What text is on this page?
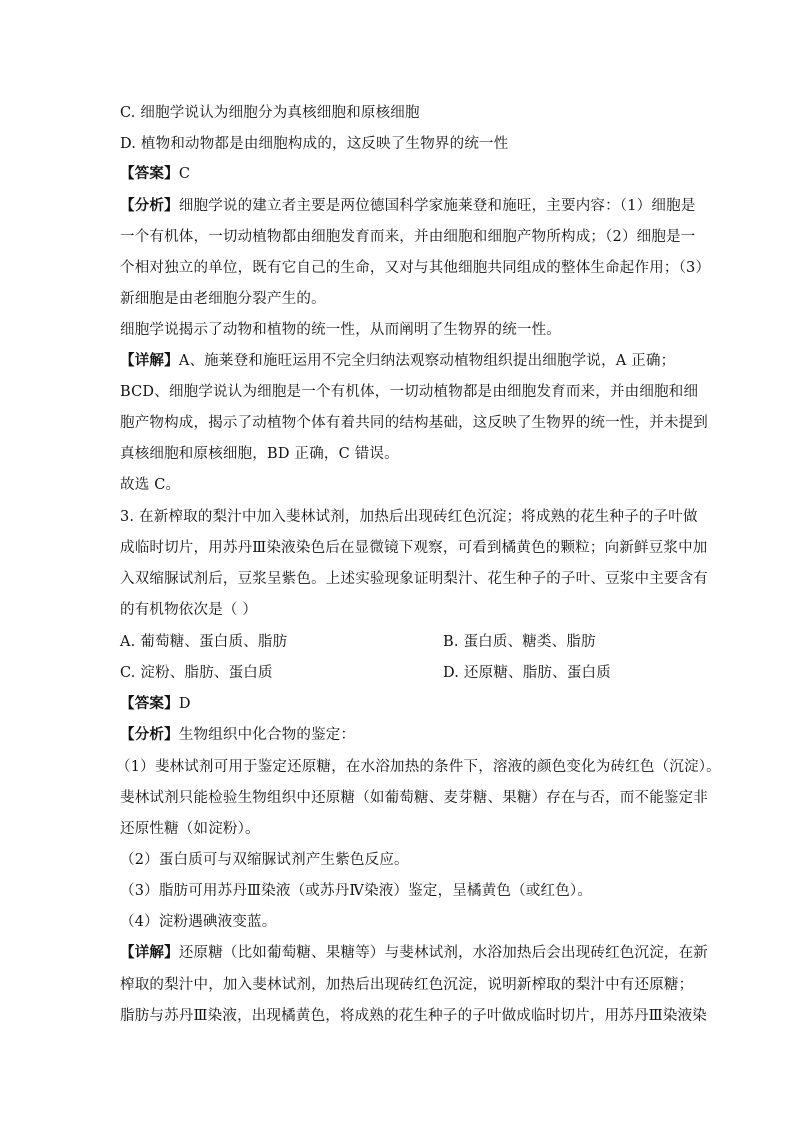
C. 细胞学说认为细胞分为真核细胞和原核细胞
D. 植物和动物都是由细胞构成的，这反映了生物界的统一性
【答案】C
【分析】细胞学说的建立者主要是两位德国科学家施莱登和施旺，主要内容：（1）细胞是
一个有机体，一切动植物都由细胞发育而来，并由细胞和细胞产物所构成；（2）细胞是一
个相对独立的单位，既有它自己的生命，又对与其他细胞共同组成的整体生命起作用；（3）
新细胞是由老细胞分裂产生的。
细胞学说揭示了动物和植物的统一性，从而阐明了生物界的统一性。
【详解】A、施莱登和施旺运用不完全归纳法观察动植物组织提出细胞学说，A 正确；
BCD、细胞学说认为细胞是一个有机体，一切动植物都是由细胞发育而来，并由细胞和细
胞产物构成，揭示了动植物个体有着共同的结构基础，这反映了生物界的统一性，并未提到
真核细胞和原核细胞，BD 正确，C 错误。
故选 C。
3. 在新榨取的梨汁中加入斐林试剂，加热后出现砖红色沉淀；将成熟的花生种子的子叶做
成临时切片，用苏丹Ⅲ染液染色后在显微镜下观察，可看到橘黄色的颗粒；向新鲜豆浆中加
入双缩脲试剂后，豆浆呈紫色。上述实验现象证明梨汁、花生种子的子叶、豆浆中主要含有
的有机物依次是（ ）
A. 葡萄糖、蛋白质、脂肪	B. 蛋白质、糖类、脂肪
C. 淀粉、脂肪、蛋白质	D. 还原糖、脂肪、蛋白质
【答案】D
【分析】生物组织中化合物的鉴定：
（1）斐林试剂可用于鉴定还原糖，在水浴加热的条件下，溶液的颜色变化为砖红色（沉淀）。
斐林试剂只能检验生物组织中还原糖（如葡萄糖、麦芽糖、果糖）存在与否，而不能鉴定非
还原性糖（如淀粉）。
（2）蛋白质可与双缩脲试剂产生紫色反应。
（3）脂肪可用苏丹Ⅲ染液（或苏丹Ⅳ染液）鉴定，呈橘黄色（或红色）。
（4）淀粉遇碘液变蓝。
【详解】还原糖（比如葡萄糖、果糖等）与斐林试剂，水浴加热后会出现砖红色沉淀，在新
榨取的梨汁中，加入斐林试剂，加热后出现砖红色沉淀，说明新榨取的梨汁中有还原糖；
脂肪与苏丹Ⅲ染液，出现橘黄色，将成熟的花生种子的子叶做成临时切片，用苏丹Ⅲ染液染
